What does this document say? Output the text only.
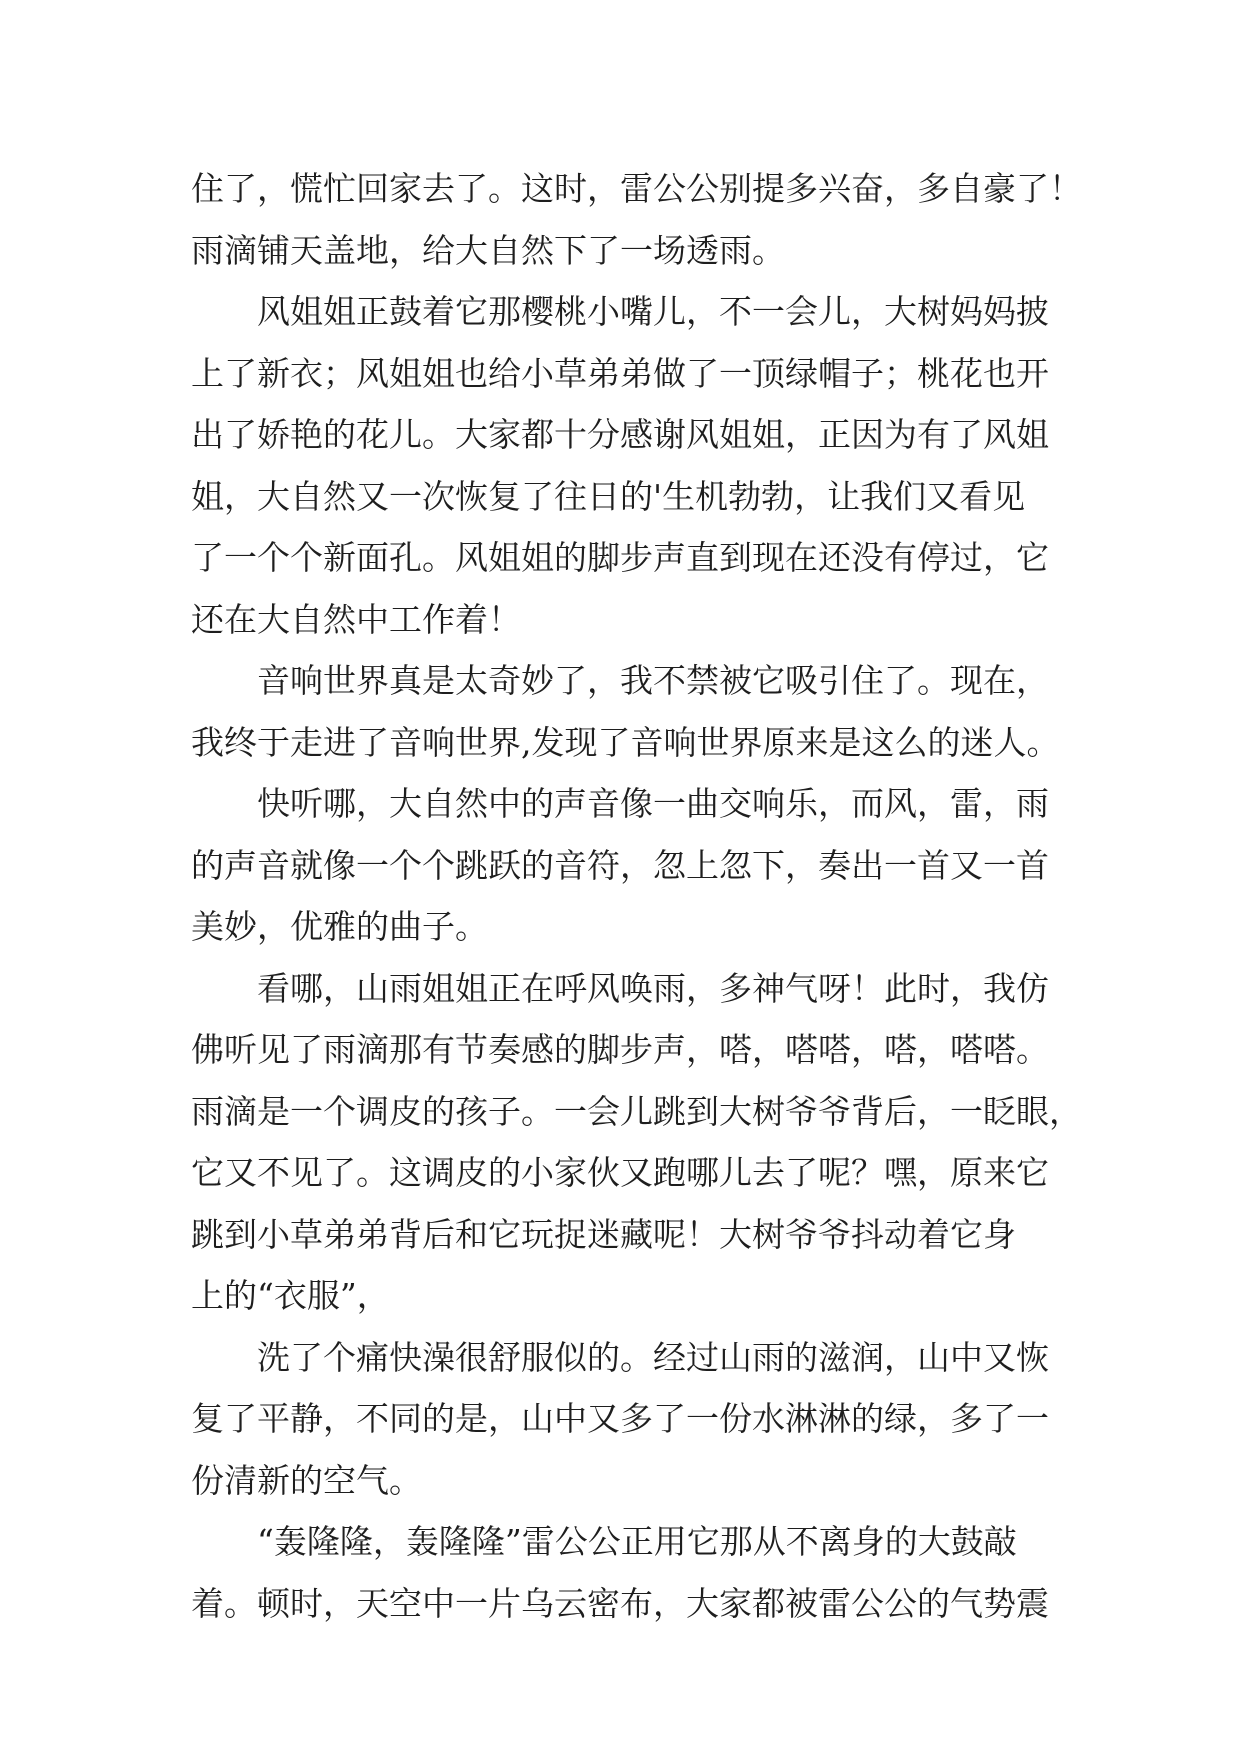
住了，慌忙回家去了。这时，雷公公别提多兴奋，多自豪了！
雨滴铺天盖地，给大自然下了一场透雨。
风姐姐正鼓着它那樱桃小嘴儿，不一会儿，大树妈妈披
上了新衣；风姐姐也给小草弟弟做了一顶绿帽子；桃花也开
出了娇艳的花儿。大家都十分感谢风姐姐，正因为有了风姐
姐，大自然又一次恢复了往日的'生机勃勃，让我们又看见
了一个个新面孔。风姐姐的脚步声直到现在还没有停过，它
还在大自然中工作着！
音响世界真是太奇妙了，我不禁被它吸引住了。现在，
我终于走进了音响世界,发现了音响世界原来是这么的迷人。
快听哪，大自然中的声音像一曲交响乐，而风，雷，雨
的声音就像一个个跳跃的音符，忽上忽下，奏出一首又一首
美妙，优雅的曲子。
看哪，山雨姐姐正在呼风唤雨，多神气呀！此时，我仿
佛听见了雨滴那有节奏感的脚步声，嗒，嗒嗒，嗒，嗒嗒。
雨滴是一个调皮的孩子。一会儿跳到大树爷爷背后，一眨眼，
它又不见了。这调皮的小家伙又跑哪儿去了呢？嘿，原来它
跳到小草弟弟背后和它玩捉迷藏呢！大树爷爷抖动着它身
上的“衣服”，
洗了个痛快澡很舒服似的。经过山雨的滋润，山中又恢
复了平静，不同的是，山中又多了一份水淋淋的绿，多了一
份清新的空气。
“轰隆隆，轰隆隆”雷公公正用它那从不离身的大鼓敲
着。顿时，天空中一片乌云密布，大家都被雷公公的气势震
